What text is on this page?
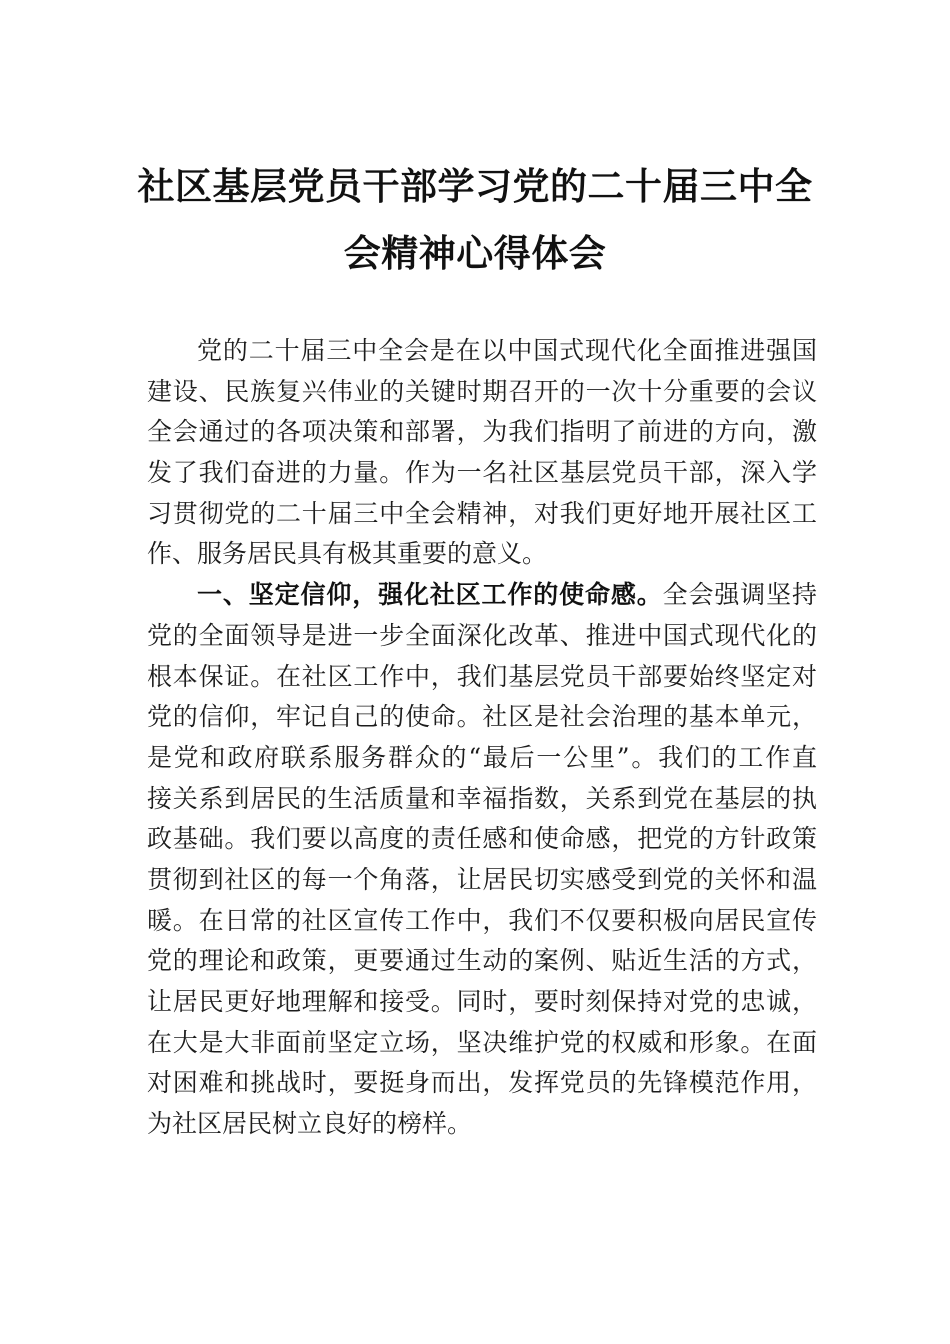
社区基层党员干部学习党的二十届三中全
会精神心得体会
党的二十届三中全会是在以中国式现代化全面推进强国
建设、民族复兴伟业的关键时期召开的一次十分重要的会议
全会通过的各项决策和部署，为我们指明了前进的方向，激
发了我们奋进的力量。作为一名社区基层党员干部，深入学
习贯彻党的二十届三中全会精神，对我们更好地开展社区工
作、服务居民具有极其重要的意义。
一、坚定信仰，强化社区工作的使命感。全会强调坚持
党的全面领导是进一步全面深化改革、推进中国式现代化的
根本保证。在社区工作中，我们基层党员干部要始终坚定对
党的信仰，牢记自己的使命。社区是社会治理的基本单元，
是党和政府联系服务群众的“最后一公里”。我们的工作直
接关系到居民的生活质量和幸福指数，关系到党在基层的执
政基础。我们要以高度的责任感和使命感，把党的方针政策
贯彻到社区的每一个角落，让居民切实感受到党的关怀和温
暖。在日常的社区宣传工作中，我们不仅要积极向居民宣传
党的理论和政策，更要通过生动的案例、贴近生活的方式，
让居民更好地理解和接受。同时，要时刻保持对党的忠诚，
在大是大非面前坚定立场，坚决维护党的权威和形象。在面
对困难和挑战时，要挺身而出，发挥党员的先锋模范作用，
为社区居民树立良好的榜样。
